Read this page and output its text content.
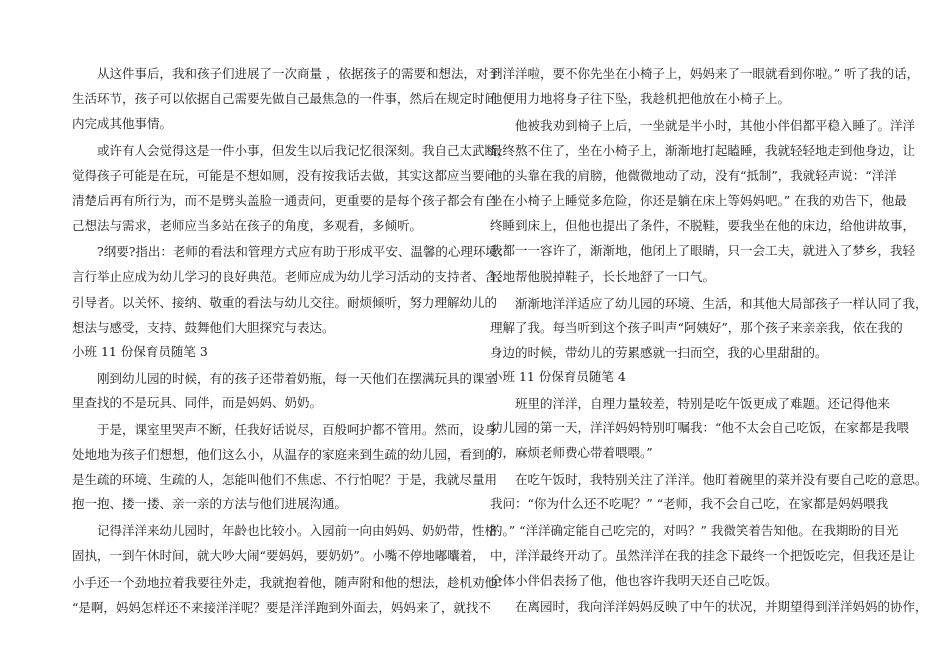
从这件事后，我和孩子们进展了一次商量 ，依据孩子的需要和想法，对于
生活环节，孩子可以依据自己需要先做自己最焦急的一件事，然后在规定时间
内完成其他事情。
或许有人会觉得这是一件小事，但发生以后我记忆很深刻。我自己太武断，
觉得孩子可能是在玩，可能是不想如厕，没有按我话去做，其实这都应当要问
清楚后再有所行为，而不是劈头盖脸一通责问，更重要的是每个孩子都会有自
己想法与需求，老师应当多站在孩子的角度，多观看，多倾听。
?纲要?指出：老师的看法和管理方式应有助于形成平安、温馨的心理环境；
言行举止应成为幼儿学习的良好典范。老师应成为幼儿学习活动的支持者、合、
引导者。以关怀、接纳、敬重的看法与幼儿交往。耐烦倾听，努力理解幼儿的
想法与感受，支持、鼓舞他们大胆探究与表达。
小班 11 份保育员随笔 3
刚到幼儿园的时候，有的孩子还带着奶瓶，每一天他们在摆满玩具的课室
里查找的不是玩具、同伴，而是妈妈、奶奶。
于是，课室里哭声不断，任我好话说尽，百般呵护都不管用。然而，设身
处地地为孩子们想想，他们这么小，从温存的家庭来到生疏的幼儿园，看到的
是生疏的环境、生疏的人，怎能叫他们不焦虑、不行怕呢？于是，我就尽量用
抱一抱、搂一搂、亲一亲的方法与他们进展沟通。
记得洋洋来幼儿园时，年龄也比较小。入园前一向由妈妈、奶奶带，性格
固执，一到午休时间，就大吵大闹“要妈妈，要奶奶”。小嘴不停地嘟囔着，
小手还一个劲地拉着我要往外走，我就抱着他，随声附和他的想法，趁机劝他：
“是啊，妈妈怎样还不来接洋洋呢？要是洋洋跑到外面去，妈妈来了，就找不
到洋洋啦，要不你先坐在小椅子上，妈妈来了一眼就看到你啦。” 听了我的话，
他便用力地将身子往下坠，我趁机把他放在小椅子上。
他被我劝到椅子上后，一坐就是半小时，其他小伴侣都平稳入睡了。洋洋
最终熬不住了，坐在小椅子上，渐渐地打起瞌睡，我就轻轻地走到他身边，让
他的头靠在我的肩膀，他微微地动了动，没有“抵制”，我就轻声说：“洋洋
坐在小椅子上睡觉多危险，你还是躺在床上等妈妈吧。” 在我的劝告下，他最
终睡到床上，但他也提出了条件，不脱鞋，要我坐在他的床边，给他讲故事，
我都一一容许了，渐渐地，他闭上了眼睛，只一会工夫，就进入了梦乡，我轻
轻地帮他脱掉鞋子，长长地舒了一口气。
渐渐地洋洋适应了幼儿园的环境、生活，和其他大局部孩子一样认同了我，
理解了我。每当听到这个孩子叫声“阿姨好”，那个孩子来亲亲我，依在我的
身边的时候，带幼儿的劳累感就一扫而空，我的心里甜甜的。
小班 11 份保育员随笔 4
班里的洋洋，自理力量较差，特别是吃午饭更成了难题。还记得他来
幼儿园的第一天，洋洋妈妈特别叮嘱我：“他不太会自己吃饭，在家都是我喂
的，麻烦老师费心带着喂喂。”
在吃午饭时，我特别关注了洋洋。他盯着碗里的菜并没有要自己吃的意思。
我问：“你为什么还不吃呢？” “老师，我不会自己吃，在家都是妈妈喂我
的。” “洋洋确定能自己吃完的，对吗？” 我微笑着告知他。在我期盼的目光
中，洋洋最终开动了。虽然洋洋在我的挂念下最终一个把饭吃完，但我还是让
全体小伴侣表扬了他，他也容许我明天还自己吃饭。
在离园时，我向洋洋妈妈反映了中午的状况，并期望得到洋洋妈妈的协作，
